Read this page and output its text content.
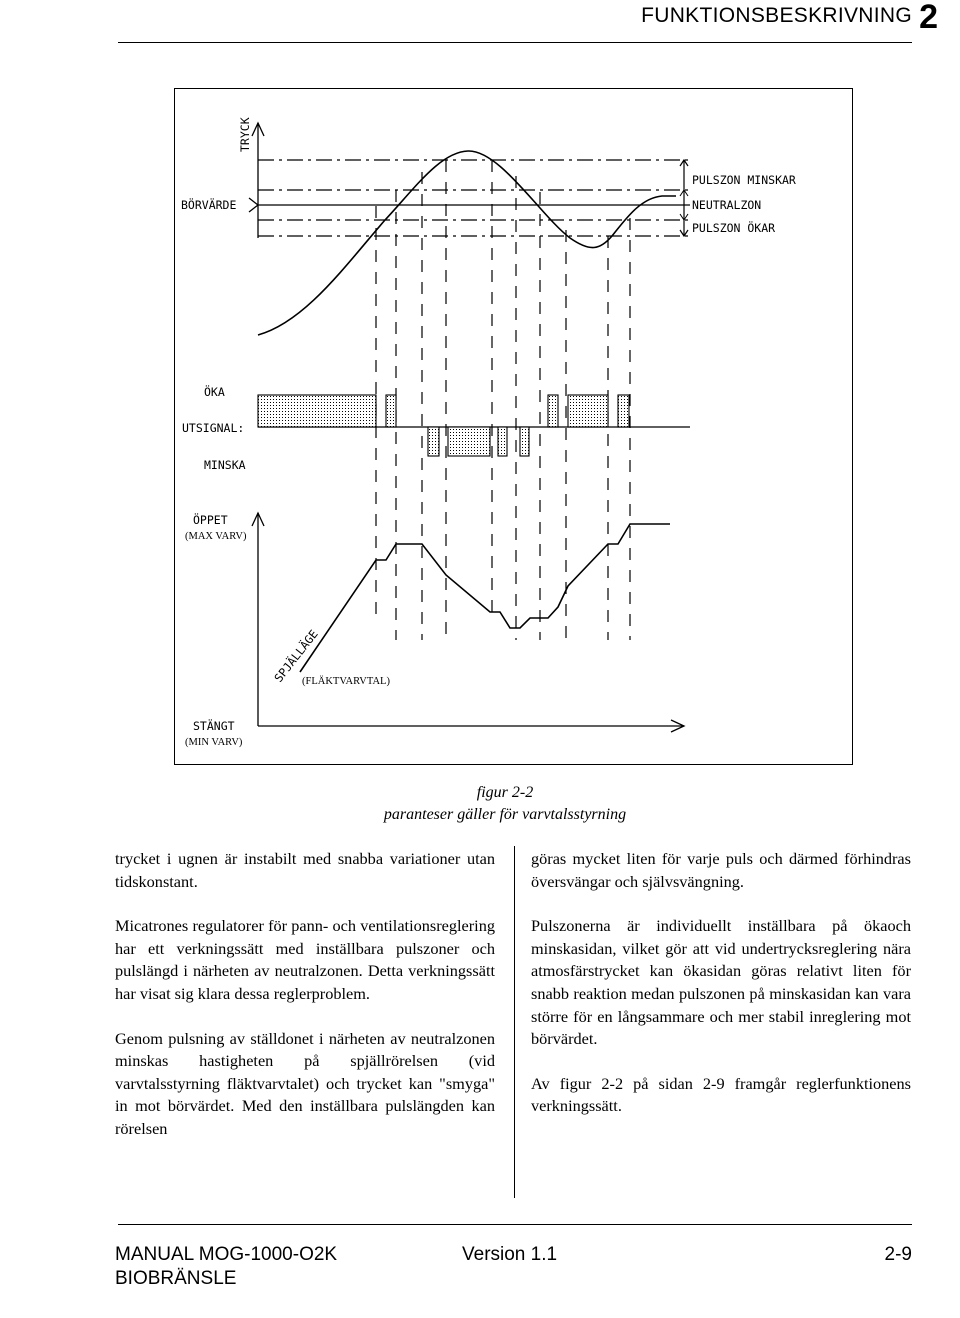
FUNKTIONSBESKRIVNING 2
TRYCK
BÖRVÄRDE
PULSZON MINSKAR
NEUTRALZON
PULSZON ÖKAR
ÖKA
UTSIGNAL:
MINSKA
ÖPPET
(MAX VARV)
SPJÄLLÄGE
(FLÄKTVARVTAL)
STÄNGT
(MIN VARV)
figur 2-2
paranteser gäller för varvtalsstyrning

trycket i ugnen är instabilt med snabba variationer utan tidskonstant.

Micatrones regulatorer för pann- och ventilationsreglering har ett verkningssätt med inställbara pulszoner och pulslängd i närheten av neutralzonen. Detta verkningssätt har visat sig klara dessa reglerproblem.

Genom pulsning av ställdonet i närheten av neutralzonen minskas hastigheten på spjällrörelsen (vid varvtalsstyrning fläktvarvtalet) och trycket kan "smyga" in mot börvärdet. Med den inställbara pulslängden kan rörelsen

göras mycket liten för varje puls och därmed förhindras översvängar och självsvängning.

Pulszonerna är individuellt inställbara på ökaoch minskasidan, vilket gör att vid undertrycksreglering nära atmosfärstrycket kan ökasidan göras relativt liten för snabb reaktion medan pulszonen på minskasidan kan vara större för en långsammare och mer stabil inreglering mot börvärdet.

Av figur 2-2 på sidan 2-9 framgår reglerfunktionens verkningssätt.

MANUAL MOG-1000-O2K
BIOBRÄNSLE
Version 1.1	2-9
